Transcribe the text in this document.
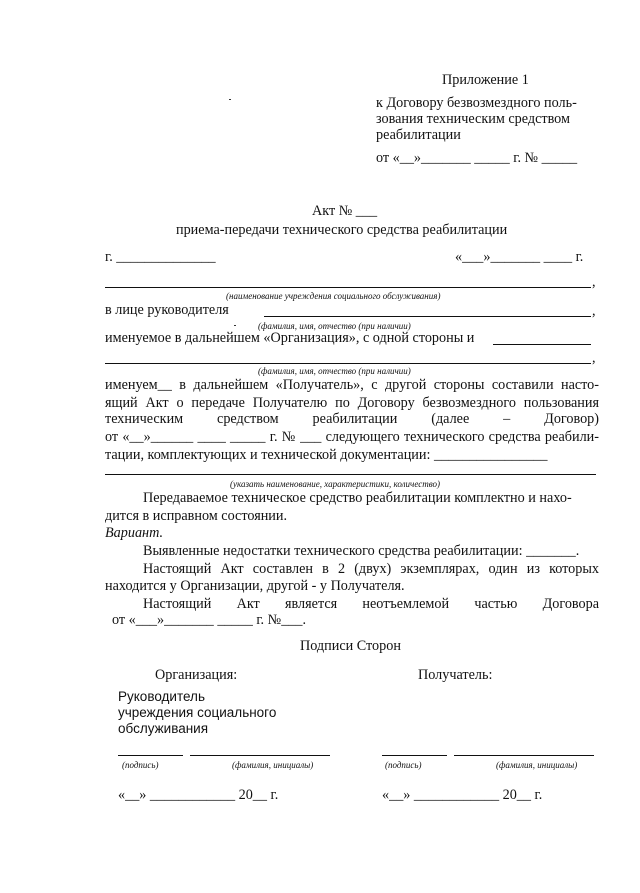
Приложение 1
к Договору безвозмездного поль-
зования техническим средством
реабилитации
от «__»_______ _____ г. № _____
Акт № ___
приема-передачи технического средства реабилитации
г. ______________	«___»_______ ____ г.
,
(наименование учреждения социального обслуживания)
в лице руководителя	,
(фамилия, имя, отчество (при наличии)
именуемое в дальнейшем «Организация», с одной стороны и
,
(фамилия, имя, отчество (при наличии)
именуем__ в дальнейшем «Получатель», с другой стороны составили насто-
ящий Акт о передаче Получателю по Договору безвозмездного пользования
техническим средством реабилитации (далее – Договор)
от «__»______ ____ _____ г. № ___ следующего технического средства реабили-
тации, комплектующих и технической документации: ________________
(указать наименование, характеристики, количество)
Передаваемое техническое средство реабилитации комплектно и нахо-
дится в исправном состоянии.
Вариант.
Выявленные недостатки технического средства реабилитации: _______.
Настоящий Акт составлен в 2 (двух) экземплярах, один из которых
находится у Организации, другой - у Получателя.
Настоящий Акт является неотъемлемой частью Договора
от «___»_______ _____ г. №___.
Подписи Сторон
Организация:	Получатель:
Руководитель
учреждения социального
обслуживания
(подпись)	(фамилия, инициалы)	(подпись)	(фамилия, инициалы)
«__» ____________ 20__ г.	«__» ____________ 20__ г.
